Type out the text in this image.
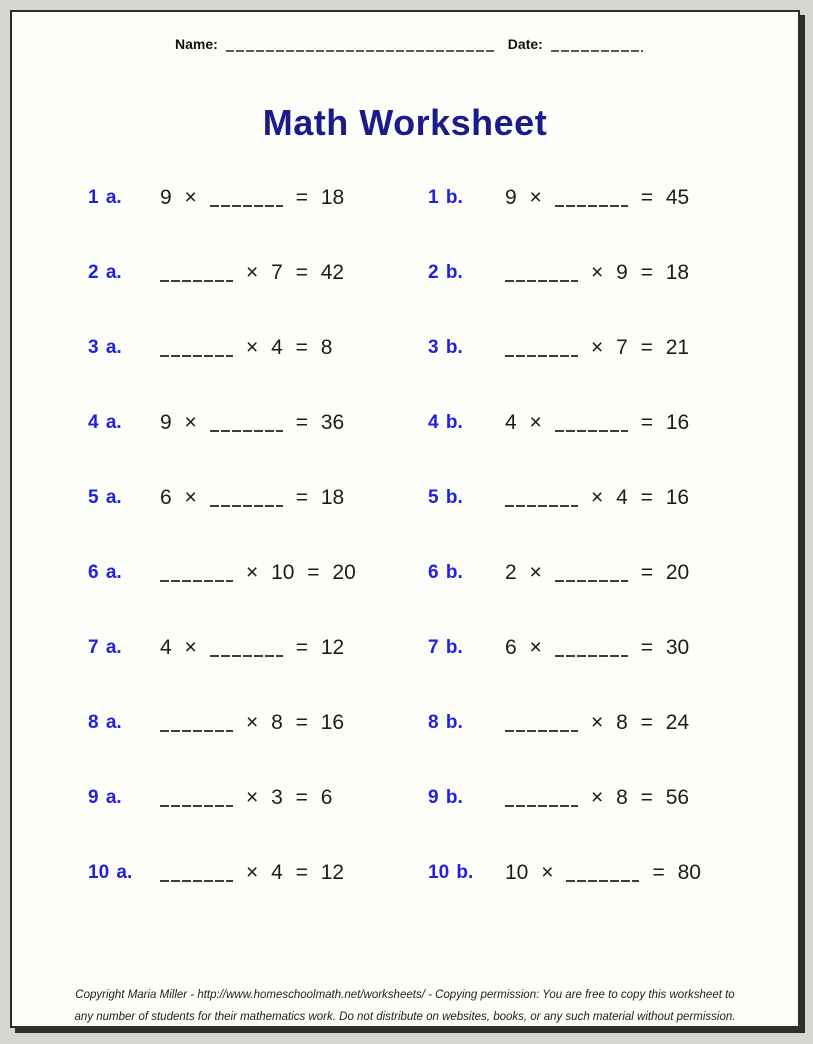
Name:	Date:
Math Worksheet
1 a.	9 ×	= 18	1 b.	9 ×	= 45
2 a.	× 7 = 42	2 b.	× 9 = 18
3 a.	× 4 = 8	3 b.	× 7 = 21
4 a.	9 ×	= 36	4 b.	4 ×	= 16
5 a.	6 ×	= 18	5 b.	× 4 = 16
6 a.	× 10 = 20	6 b.	2 ×	= 20
7 a.	4 ×	= 12	7 b.	6 ×	= 30
8 a.	× 8 = 16	8 b.	× 8 = 24
9 a.	× 3 = 6	9 b.	× 8 = 56
10 a.	× 4 = 12	10 b.	10 ×	= 80
Copyright Maria Miller - http://www.homeschoolmath.net/worksheets/ - Copying permission: You are free to copy this worksheet to any number of students for their mathematics work. Do not distribute on websites, books, or any such material without permission.
